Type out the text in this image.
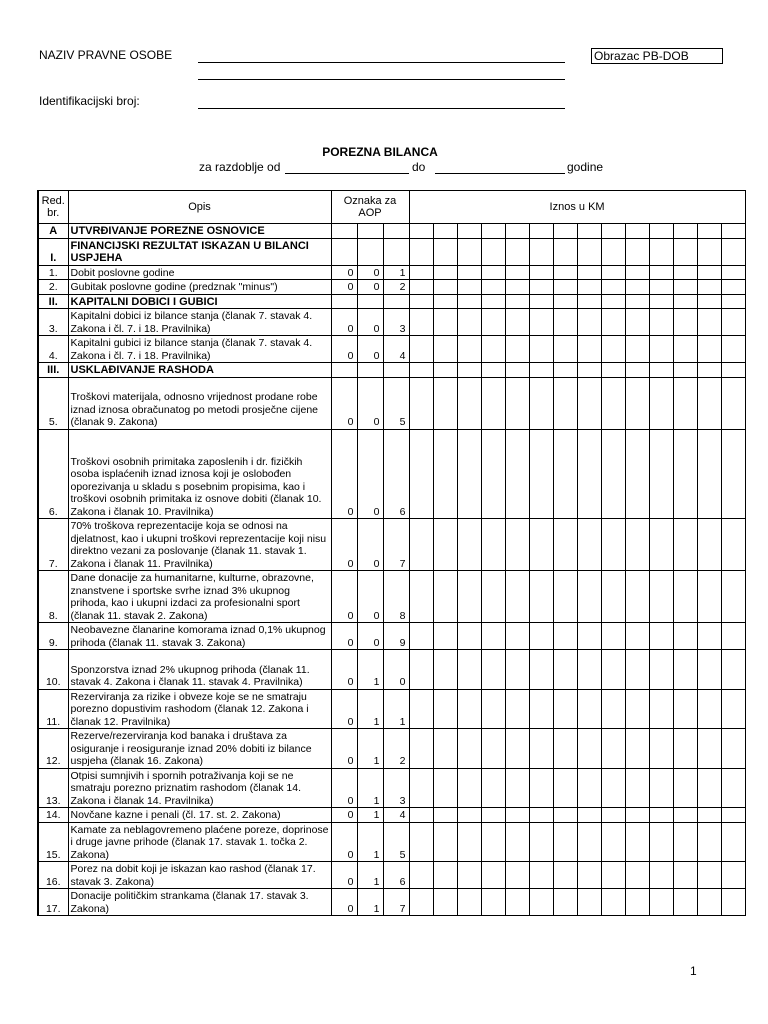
NAZIV PRAVNE OSOBE	Obrazac PB-DOB
Identifikacijski broj:
POREZNA BILANCA
za razdoblje od	do	godine
Red. br.	Opis	Oznaka za AOP			Iznos u KM													
A	UTVRĐIVANJE POREZNE OSNOVICE																	
I.	FINANCIJSKI REZULTAT ISKAZAN U BILANCI USPJEHA																	
1.	Dobit poslovne godine	0	0	1														
2.	Gubitak poslovne godine (predznak "minus")	0	0	2														
II.	KAPITALNI DOBICI I GUBICI																	
3.	Kapitalni dobici iz bilance stanja (članak 7. stavak 4. Zakona i čl. 7. i 18. Pravilnika)	0	0	3														
4.	Kapitalni gubici iz bilance stanja (članak 7. stavak 4. Zakona i čl. 7. i 18. Pravilnika)	0	0	4														
III.	USKLAĐIVANJE RASHODA																	
5.	Troškovi materijala, odnosno vrijednost prodane robe iznad iznosa obračunatog po metodi prosječne cijene (članak 9. Zakona)	0	0	5														
6.	Troškovi osobnih primitaka zaposlenih i dr. fizičkih osoba isplaćenih iznad iznosa koji je oslobođen oporezivanja u skladu s posebnim propisima, kao i troškovi osobnih primitaka iz osnove dobiti (članak 10. Zakona i članak 10. Pravilnika)	0	0	6														
7.	70% troškova reprezentacije koja se odnosi na djelatnost, kao i ukupni troškovi reprezentacije koji nisu direktno vezani za poslovanje (članak 11. stavak 1. Zakona i članak 11. Pravilnika)	0	0	7														
8.	Dane donacije za humanitarne, kulturne, obrazovne, znanstvene i sportske svrhe iznad 3% ukupnog prihoda, kao i ukupni izdaci za profesionalni sport (članak 11. stavak 2. Zakona)	0	0	8														
9.	Neobavezne članarine komorama iznad 0,1% ukupnog prihoda (članak 11. stavak 3. Zakona)	0	0	9														
10.	Sponzorstva iznad 2% ukupnog prihoda (članak 11. stavak 4. Zakona i članak 11. stavak 4. Pravilnika)	0	1	0														
11.	Rezerviranja za rizike i obveze koje se ne smatraju porezno dopustivim rashodom (članak 12. Zakona i članak 12. Pravilnika)	0	1	1														
12.	Rezerve/rezerviranja kod banaka i društava za osiguranje i reosiguranje iznad 20% dobiti iz bilance uspjeha (članak 16. Zakona)	0	1	2														
13.	Otpisi sumnjivih i spornih potraživanja koji se ne smatraju porezno priznatim rashodom (članak 14. Zakona i članak 14. Pravilnika)	0	1	3														
14.	Novčane kazne i penali (čl. 17. st. 2. Zakona)	0	1	4														
15.	Kamate za neblagovremeno plaćene poreze, doprinose i druge javne prihode (članak 17. stavak 1. točka 2. Zakona)	0	1	5														
16.	Porez na dobit koji je iskazan kao rashod (članak 17. stavak 3. Zakona)	0	1	6														
17.	Donacije političkim strankama (članak 17. stavak 3. Zakona)	0	1	7														
1
